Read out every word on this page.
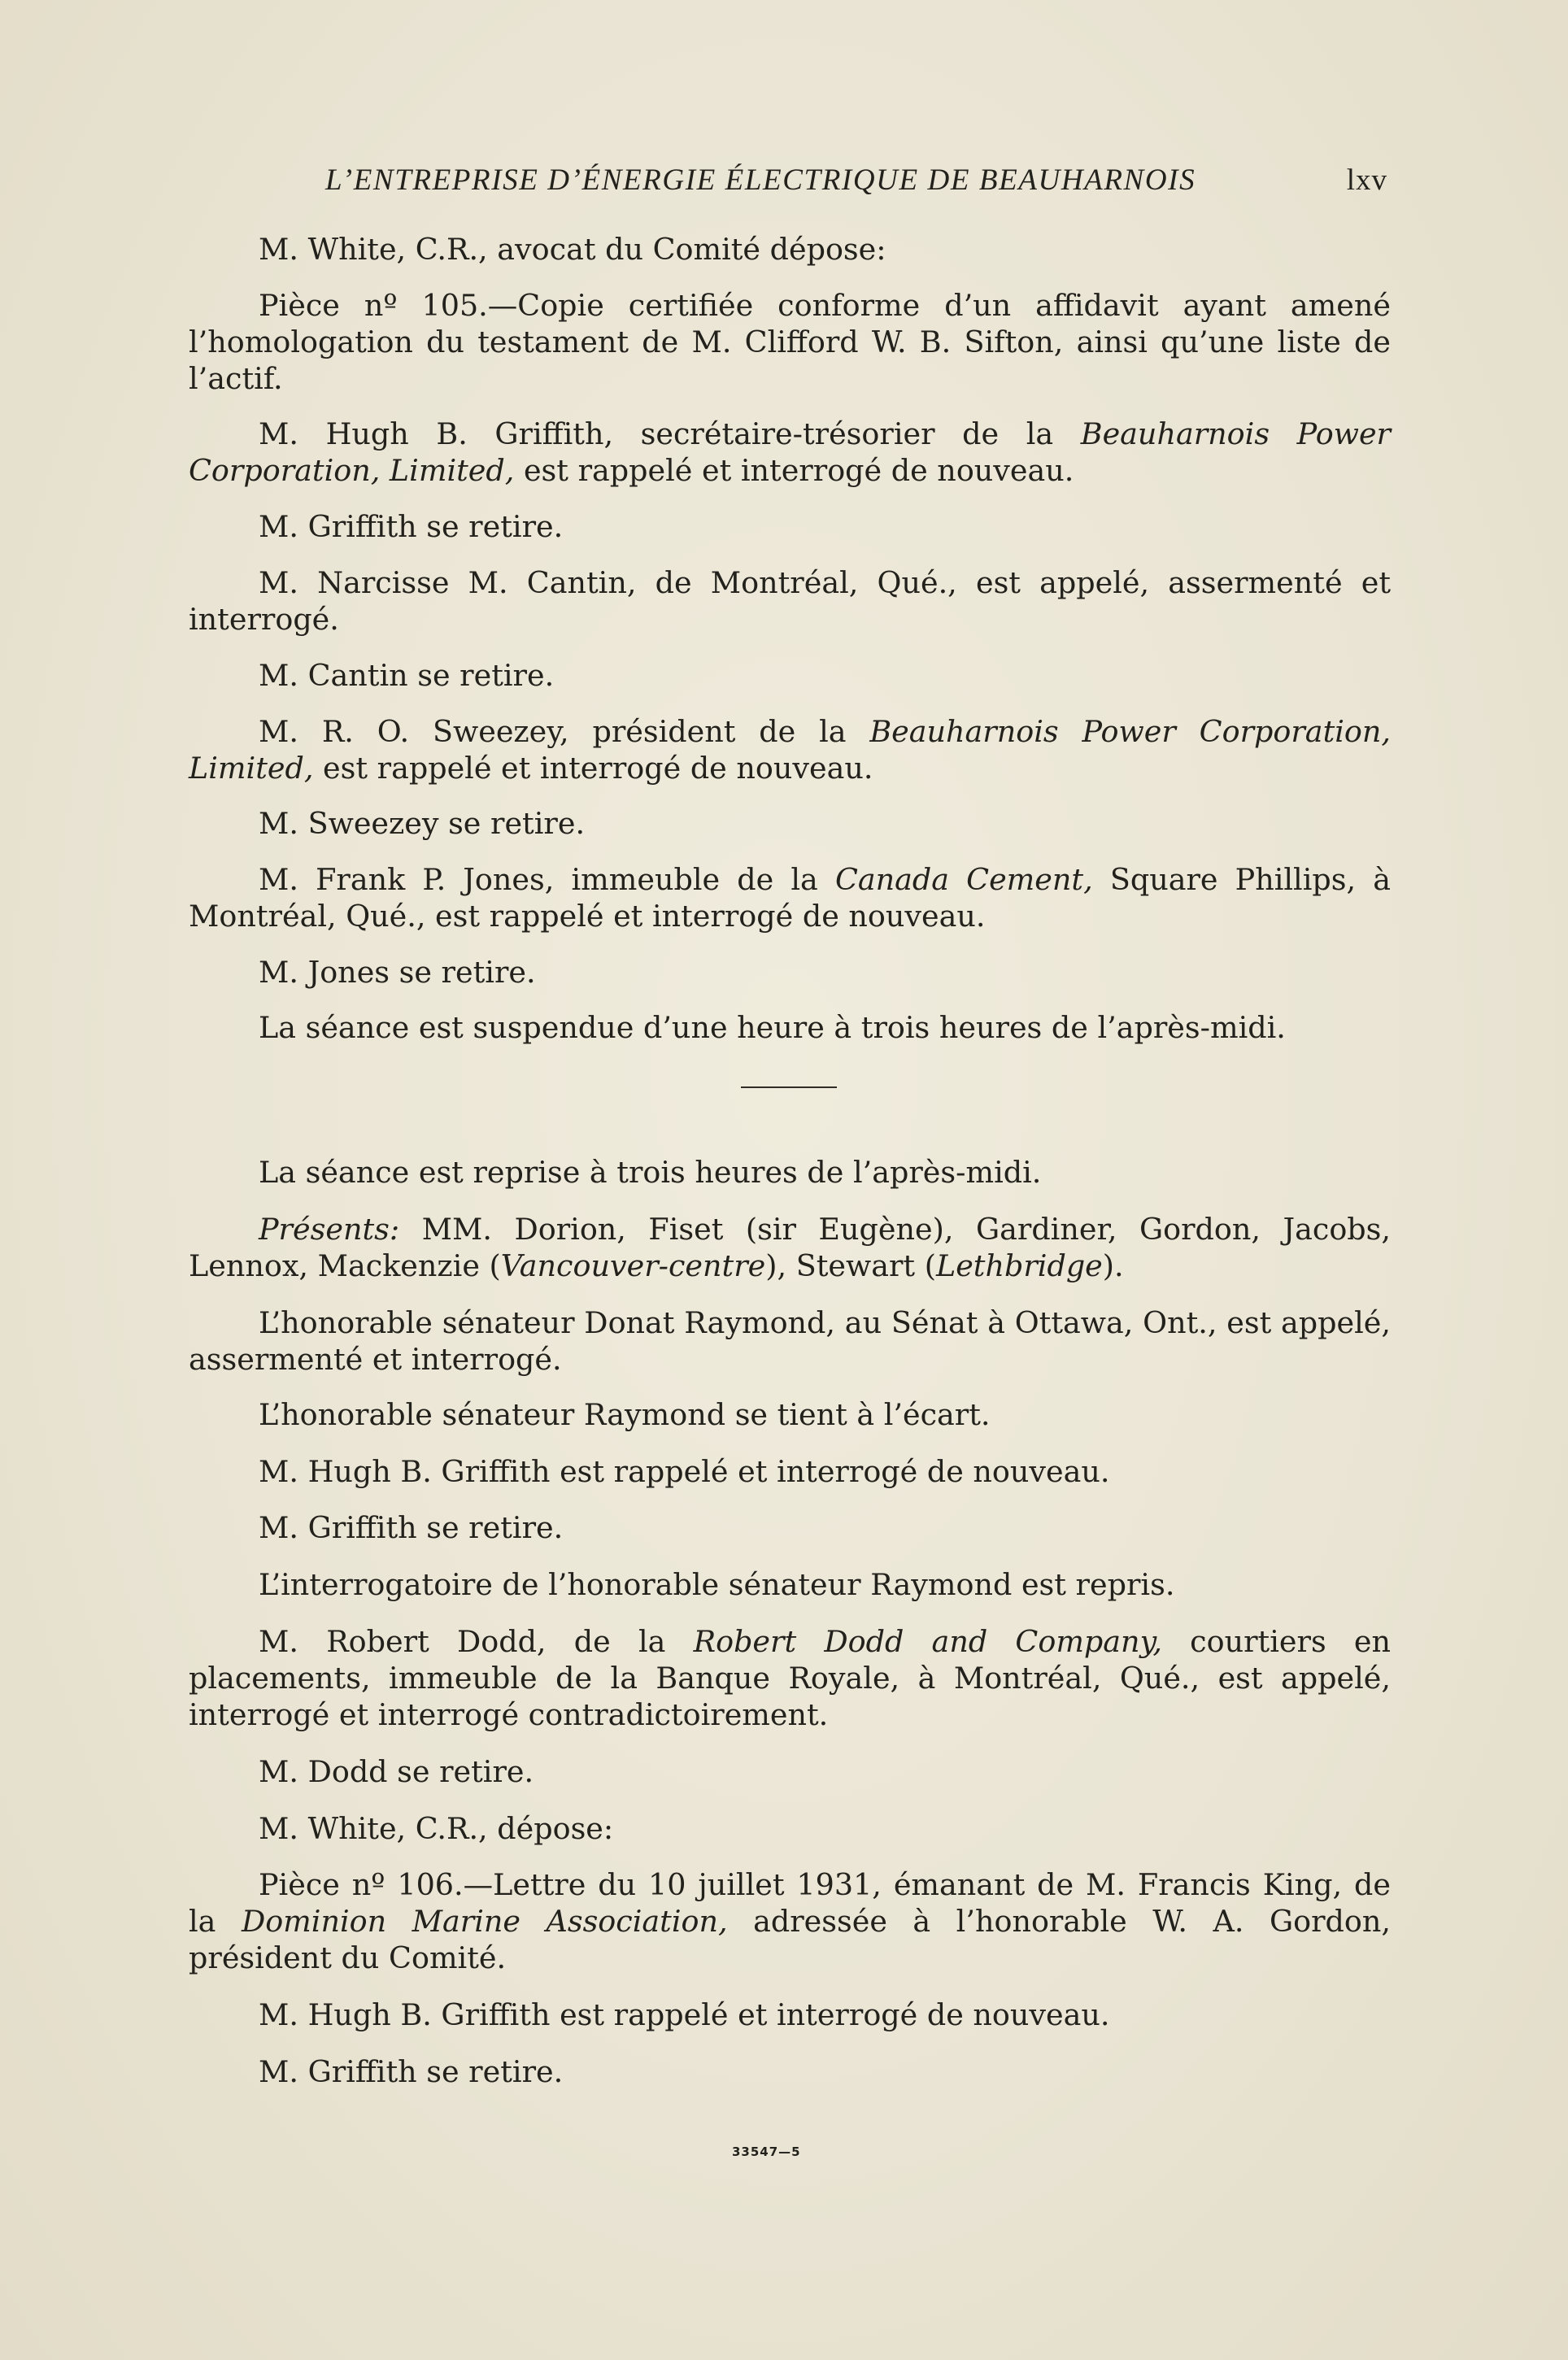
L’ENTREPRISE D’ÉNERGIE ÉLECTRIQUE DE BEAUHARNOIS	lxv

M. White, C.R., avocat du Comité dépose:

Pièce nº 105.—Copie certifiée conforme d’un affidavit ayant amené l’homologation du testament de M. Clifford W. B. Sifton, ainsi qu’une liste de l’actif.

M. Hugh B. Griffith, secrétaire-trésorier de la Beauharnois Power Corporation, Limited, est rappelé et interrogé de nouveau.

M. Griffith se retire.

M. Narcisse M. Cantin, de Montréal, Qué., est appelé, assermenté et interrogé.

M. Cantin se retire.

M. R. O. Sweezey, président de la Beauharnois Power Corporation, Limited, est rappelé et interrogé de nouveau.

M. Sweezey se retire.

M. Frank P. Jones, immeuble de la Canada Cement, Square Phillips, à Montréal, Qué., est rappelé et interrogé de nouveau.

M. Jones se retire.

La séance est suspendue d’une heure à trois heures de l’après-midi.

La séance est reprise à trois heures de l’après-midi.

Présents: MM. Dorion, Fiset (sir Eugène), Gardiner, Gordon, Jacobs, Lennox, Mackenzie (Vancouver-centre), Stewart (Lethbridge).

L’honorable sénateur Donat Raymond, au Sénat à Ottawa, Ont., est appelé, assermenté et interrogé.

L’honorable sénateur Raymond se tient à l’écart.

M. Hugh B. Griffith est rappelé et interrogé de nouveau.

M. Griffith se retire.

L’interrogatoire de l’honorable sénateur Raymond est repris.

M. Robert Dodd, de la Robert Dodd and Company, courtiers en placements, immeuble de la Banque Royale, à Montréal, Qué., est appelé, interrogé et interrogé contradictoirement.

M. Dodd se retire.

M. White, C.R., dépose:

Pièce nº 106.—Lettre du 10 juillet 1931, émanant de M. Francis King, de la Dominion Marine Association, adressée à l’honorable W. A. Gordon, président du Comité.

M. Hugh B. Griffith est rappelé et interrogé de nouveau.

M. Griffith se retire.

33547—5
